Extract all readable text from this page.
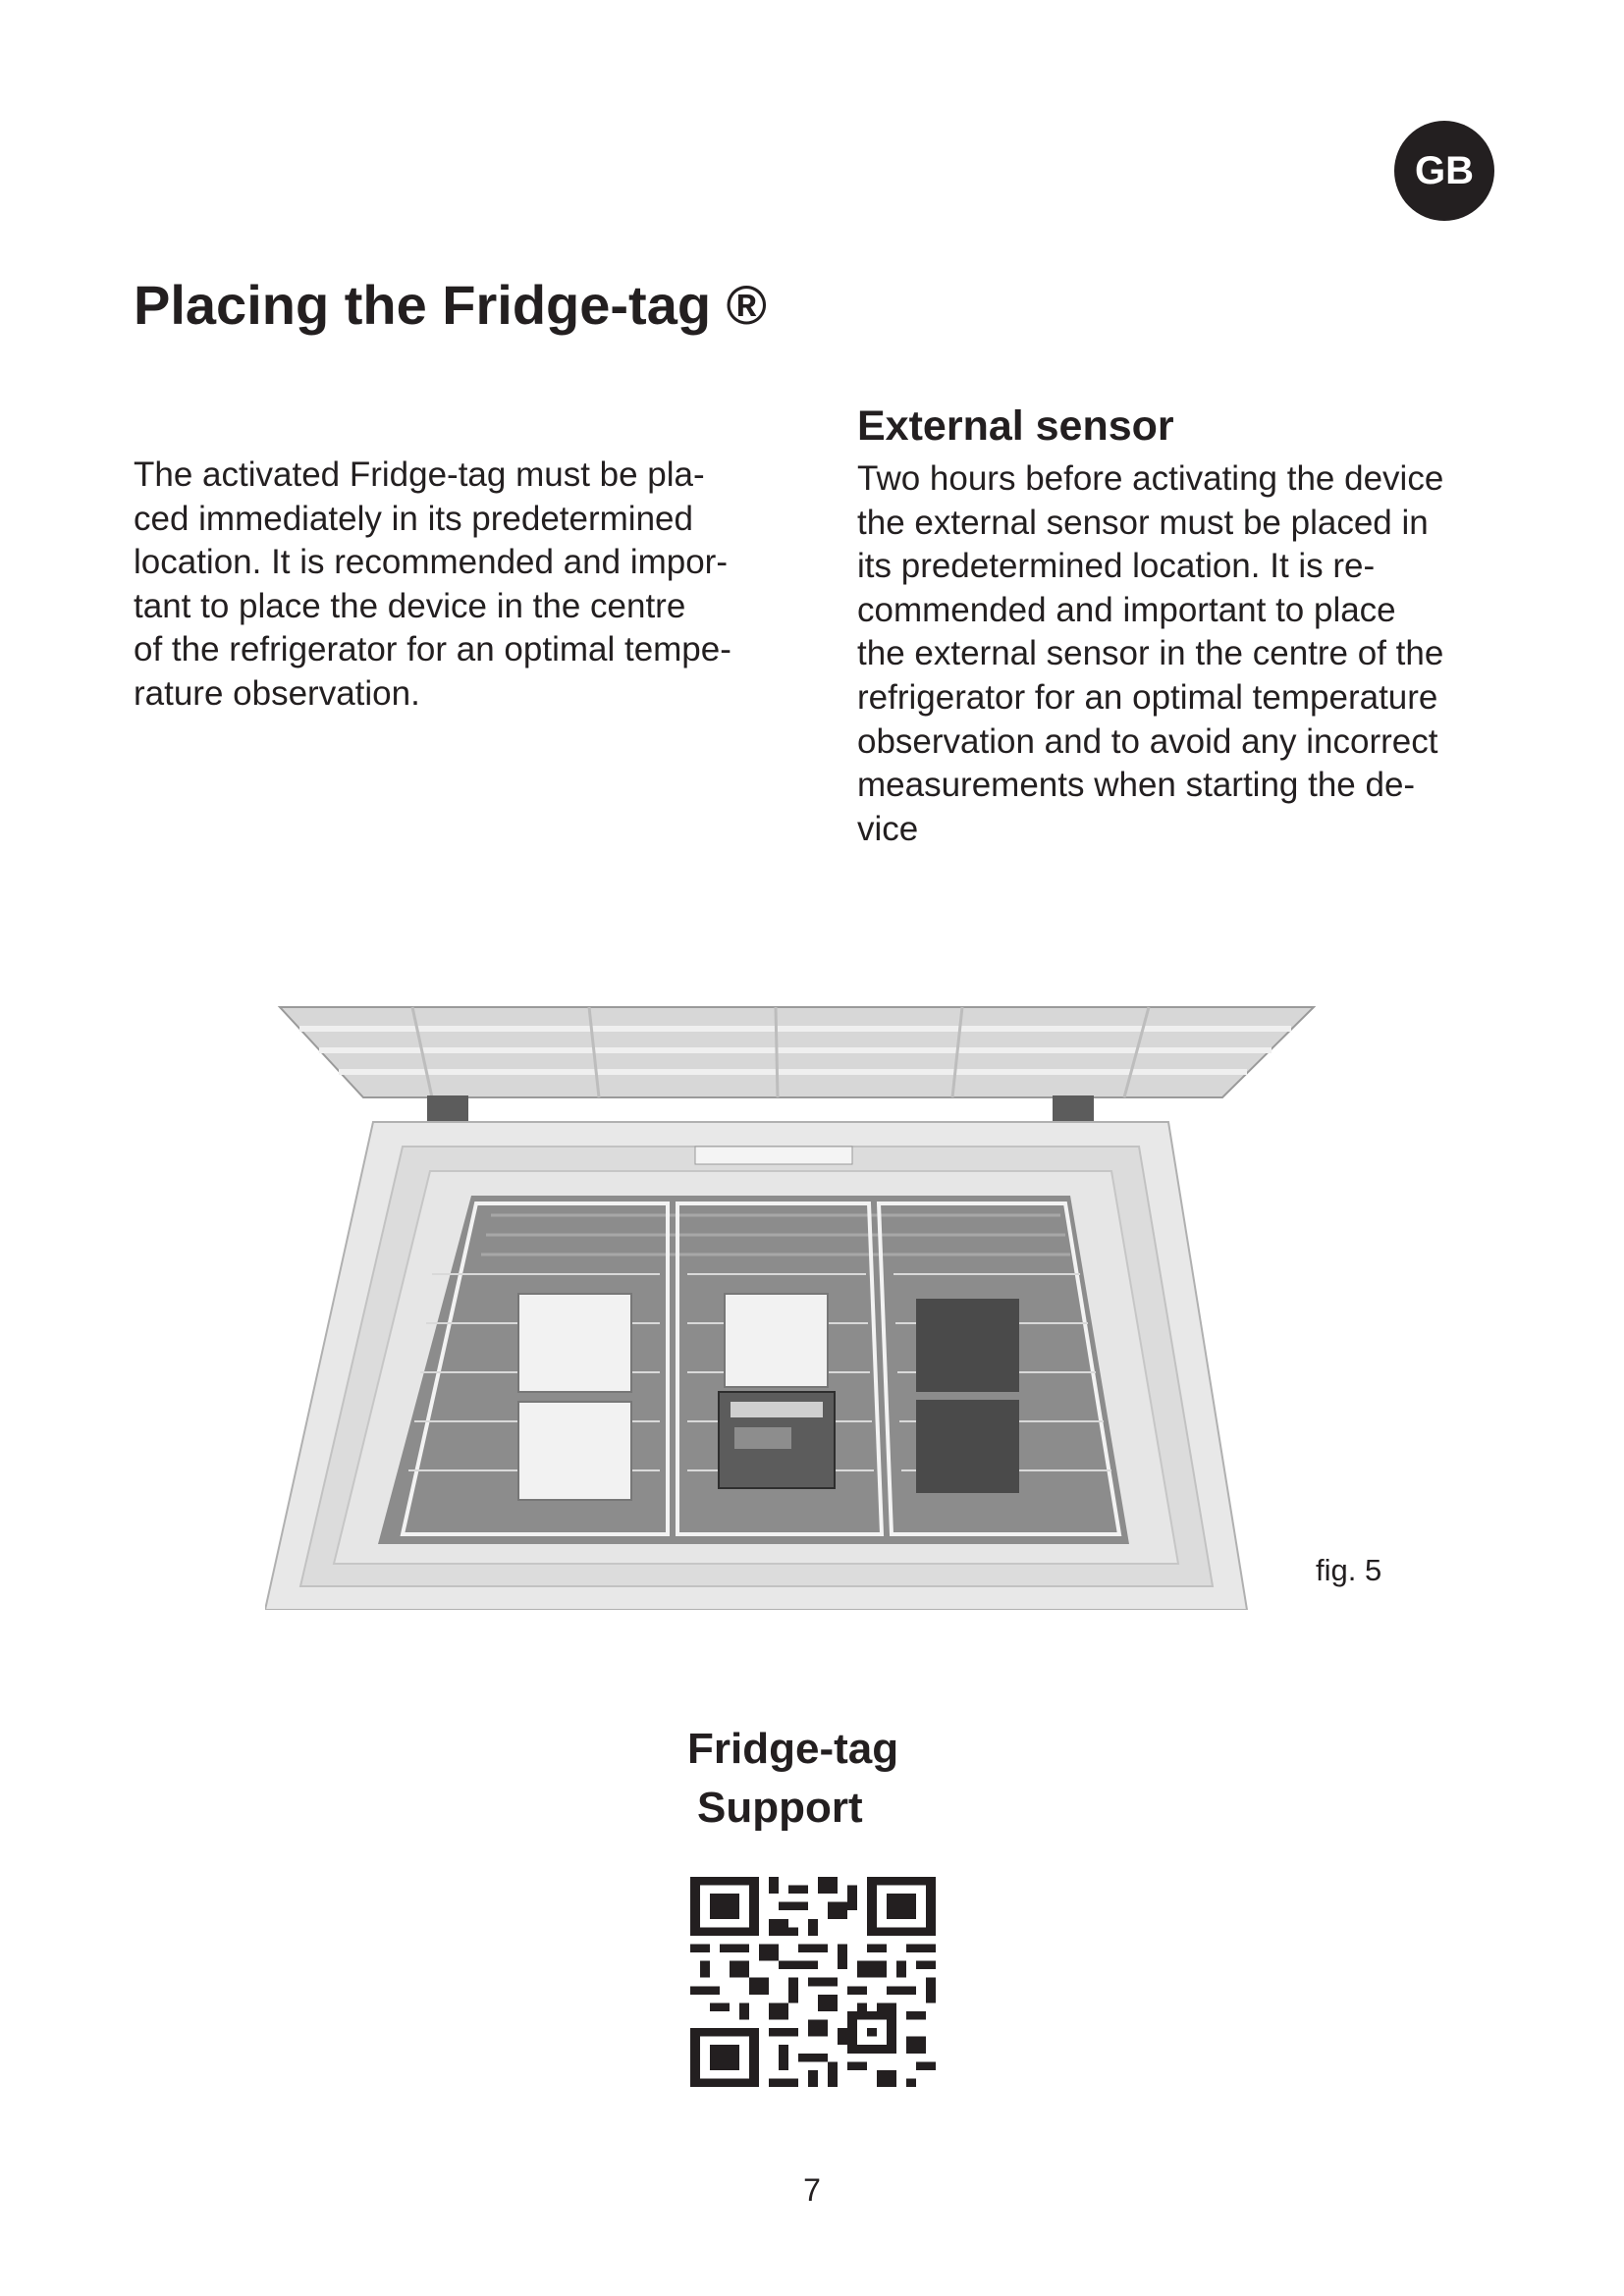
GB
Placing the Fridge-tag ®
The activated Fridge-tag must be pla-
ced immediately in its predetermined
location. It is recommended and impor-
tant to place the device in the centre
of the refrigerator for an optimal tempe-
rature observation.
External sensor
Two hours before activating the device
the external sensor must be placed in
its predetermined location. It is re-
commended and important to place
the external sensor in the centre of the
refrigerator for an optimal temperature
observation and to avoid any incorrect
measurements when starting the de-
vice
fig. 5
Fridge-tag
Support
7
